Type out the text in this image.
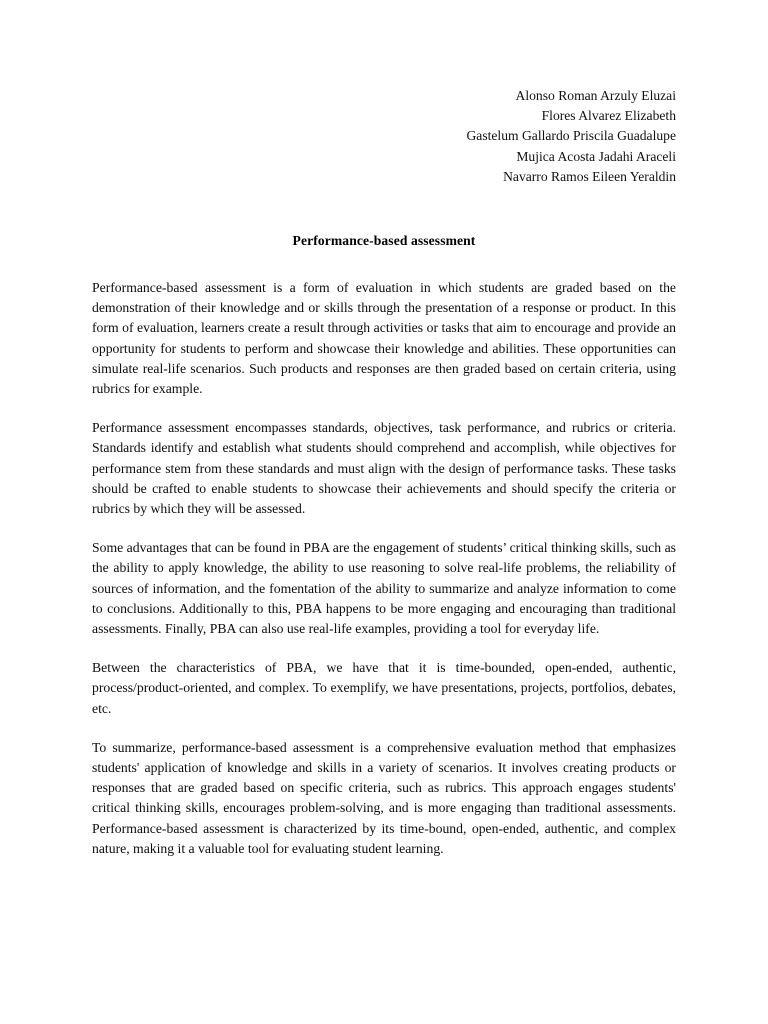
Alonso Roman Arzuly Eluzai
Flores Alvarez Elizabeth
Gastelum Gallardo Priscila Guadalupe
Mujica Acosta Jadahi Araceli
Navarro Ramos Eileen Yeraldin
Performance-based assessment

Performance-based assessment is a form of evaluation in which students are graded based on the demonstration of their knowledge and or skills through the presentation of a response or product. In this form of evaluation, learners create a result through activities or tasks that aim to encourage and provide an opportunity for students to perform and showcase their knowledge and abilities. These opportunities can simulate real-life scenarios. Such products and responses are then graded based on certain criteria, using rubrics for example.

Performance assessment encompasses standards, objectives, task performance, and rubrics or criteria. Standards identify and establish what students should comprehend and accomplish, while objectives for performance stem from these standards and must align with the design of performance tasks. These tasks should be crafted to enable students to showcase their achievements and should specify the criteria or rubrics by which they will be assessed.

Some advantages that can be found in PBA are the engagement of students’ critical thinking skills, such as the ability to apply knowledge, the ability to use reasoning to solve real-life problems, the reliability of sources of information, and the fomentation of the ability to summarize and analyze information to come to conclusions. Additionally to this, PBA happens to be more engaging and encouraging than traditional assessments. Finally, PBA can also use real-life examples, providing a tool for everyday life.

Between the characteristics of PBA, we have that it is time-bounded, open-ended, authentic, process/product-oriented, and complex. To exemplify, we have presentations, projects, portfolios, debates, etc.

To summarize, performance-based assessment is a comprehensive evaluation method that emphasizes students' application of knowledge and skills in a variety of scenarios. It involves creating products or responses that are graded based on specific criteria, such as rubrics. This approach engages students' critical thinking skills, encourages problem-solving, and is more engaging than traditional assessments. Performance-based assessment is characterized by its time-bound, open-ended, authentic, and complex nature, making it a valuable tool for evaluating student learning.
